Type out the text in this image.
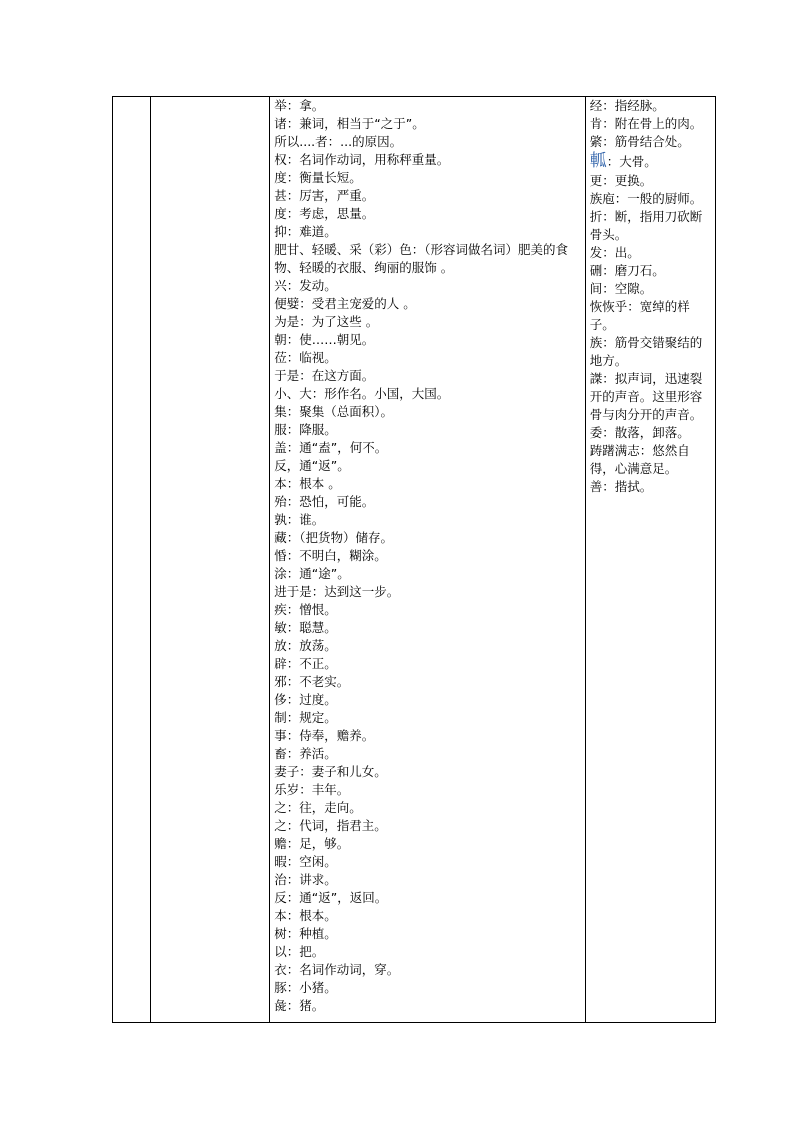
举：拿。
诸：兼词，相当于“之于”。
所以....者：...的原因。
权：名词作动词，用称秤重量。
度：衡量长短。
甚：厉害，严重。
度：考虑，思量。
抑：难道。
肥甘、轻暖、采（彩）色：（形容词做名词）肥美的食物、轻暖的衣服、绚丽的服饰 。
兴：发动。
便嬖：受君主宠爱的人 。
为是：为了这些 。
朝：使……朝见。
莅：临视。
于是：在这方面。
小、大：形作名。小国，大国。
集：聚集（总面积）。
服：降服。
盖：通“盍”，何不。
反，通“返”。
本：根本 。
殆：恐怕，可能。
孰：谁。
藏：（把货物）储存。
惛：不明白，糊涂。
涂：通“途”。
进于是：达到这一步。
疾：憎恨。
敏：聪慧。
放：放荡。
辟：不正。
邪：不老实。
侈：过度。
制：规定。
事：侍奉，赡养。
畜：养活。
妻子：妻子和儿女。
乐岁：丰年。
之：往，走向。
之：代词，指君主。
赡：足，够。
暇：空闲。
治：讲求。
反：通“返”，返回。
本：根本。
树：种植。
以：把。
衣：名词作动词，穿。
豚：小猪。
彘：猪。

经：指经脉。
肯：附在骨上的肉。
綮：筋骨结合处。
軱：大骨。
更：更换。
族庖：一般的厨师。
折：断，指用刀砍断骨头。
发：出。
硎：磨刀石。
间：空隙。
恢恢乎：宽绰的样子。
族：筋骨交错聚结的地方。
謋：拟声词，迅速裂开的声音。这里形容骨与肉分开的声音。
委：散落，卸落。
踌躇满志：悠然自得，心满意足。
善：揩拭。
